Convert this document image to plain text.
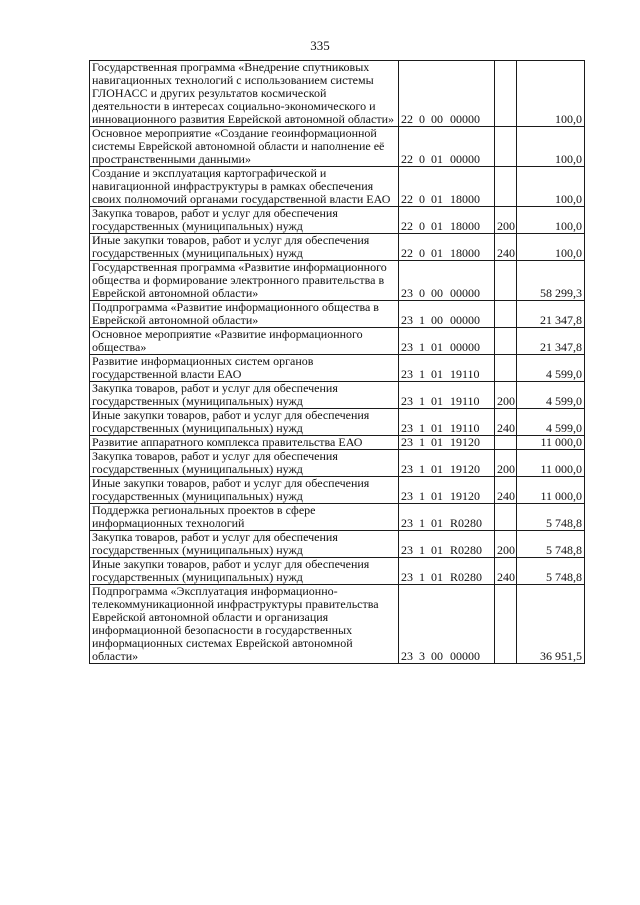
335
Государственная программа «Внедрение спутниковых навигационных технологий с использованием системы ГЛОНАСС и других результатов космической деятельности в интересах социально-экономического и инновационного развития Еврейской автономной области»	22 0 00 00000		100,0
Основное мероприятие «Создание геоинформационной системы Еврейской автономной области и наполнение её пространственными данными»	22 0 01 00000		100,0
Создание и эксплуатация картографической и навигационной инфраструктуры в рамках обеспечения своих полномочий органами государственной власти ЕАО	22 0 01 18000		100,0
Закупка товаров, работ и услуг для обеспечения государственных (муниципальных) нужд	22 0 01 18000	200	100,0
Иные закупки товаров, работ и услуг для обеспечения государственных (муниципальных) нужд	22 0 01 18000	240	100,0
Государственная программа «Развитие информационного общества и формирование электронного правительства в Еврейской автономной области»	23 0 00 00000		58 299,3
Подпрограмма «Развитие информационного общества в Еврейской автономной области»	23 1 00 00000		21 347,8
Основное мероприятие «Развитие информационного общества»	23 1 01 00000		21 347,8
Развитие информационных систем органов государственной власти ЕАО	23 1 01 19110		4 599,0
Закупка товаров, работ и услуг для обеспечения государственных (муниципальных) нужд	23 1 01 19110	200	4 599,0
Иные закупки товаров, работ и услуг для обеспечения государственных (муниципальных) нужд	23 1 01 19110	240	4 599,0
Развитие аппаратного комплекса правительства ЕАО	23 1 01 19120		11 000,0
Закупка товаров, работ и услуг для обеспечения государственных (муниципальных) нужд	23 1 01 19120	200	11 000,0
Иные закупки товаров, работ и услуг для обеспечения государственных (муниципальных) нужд	23 1 01 19120	240	11 000,0
Поддержка региональных проектов в сфере информационных технологий	23 1 01 R0280		5 748,8
Закупка товаров, работ и услуг для обеспечения государственных (муниципальных) нужд	23 1 01 R0280	200	5 748,8
Иные закупки товаров, работ и услуг для обеспечения государственных (муниципальных) нужд	23 1 01 R0280	240	5 748,8
Подпрограмма «Эксплуатация информационно-телекоммуникационной инфраструктуры правительства Еврейской автономной области и организация информационной безопасности в государственных информационных системах Еврейской автономной области»	23 3 00 00000		36 951,5
